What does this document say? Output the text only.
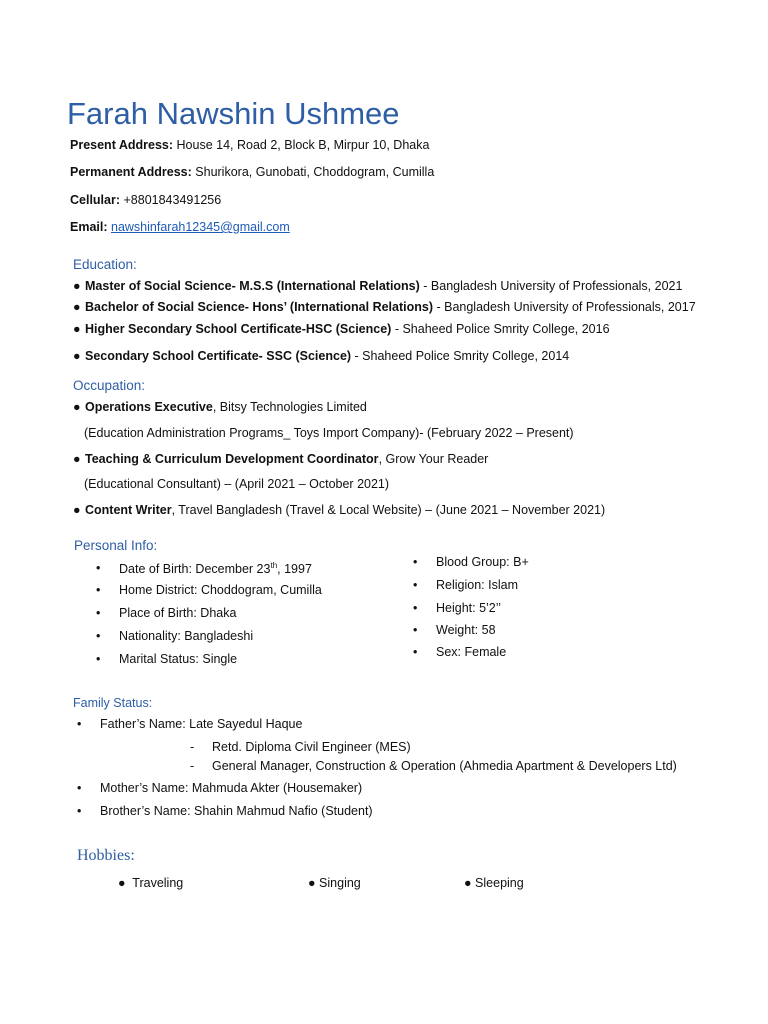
Farah Nawshin Ushmee
Present Address: House 14, Road 2, Block B, Mirpur 10, Dhaka
Permanent Address: Shurikora, Gunobati, Choddogram, Cumilla
Cellular: +8801843491256
Email: nawshinfarah12345@gmail.com
Education:
● Master of Social Science- M.S.S (International Relations) - Bangladesh University of Professionals, 2021
● Bachelor of Social Science- Hons’ (International Relations) - Bangladesh University of Professionals, 2017
● Higher Secondary School Certificate-HSC (Science) - Shaheed Police Smrity College, 2016
● Secondary School Certificate- SSC (Science) - Shaheed Police Smrity College, 2014
Occupation:
● Operations Executive, Bitsy Technologies Limited
(Education Administration Programs_ Toys Import Company)- (February 2022 – Present)
● Teaching & Curriculum Development Coordinator, Grow Your Reader
(Educational Consultant) – (April 2021 – October 2021)
● Content Writer, Travel Bangladesh (Travel & Local Website) – (June 2021 – November 2021)
Personal Info:
• Date of Birth: December 23th, 1997
• Home District: Choddogram, Cumilla
• Place of Birth: Dhaka
• Nationality: Bangladeshi
• Marital Status: Single
• Blood Group: B+
• Religion: Islam
• Height: 5’2’’
• Weight: 58
• Sex: Female
Family Status:
• Father’s Name: Late Sayedul Haque
- Retd. Diploma Civil Engineer (MES)
- General Manager, Construction & Operation (Ahmedia Apartment & Developers Ltd)
• Mother’s Name: Mahmuda Akter (Housemaker)
• Brother’s Name: Shahin Mahmud Nafio (Student)
Hobbies:
● Traveling	● Singing	● Sleeping
